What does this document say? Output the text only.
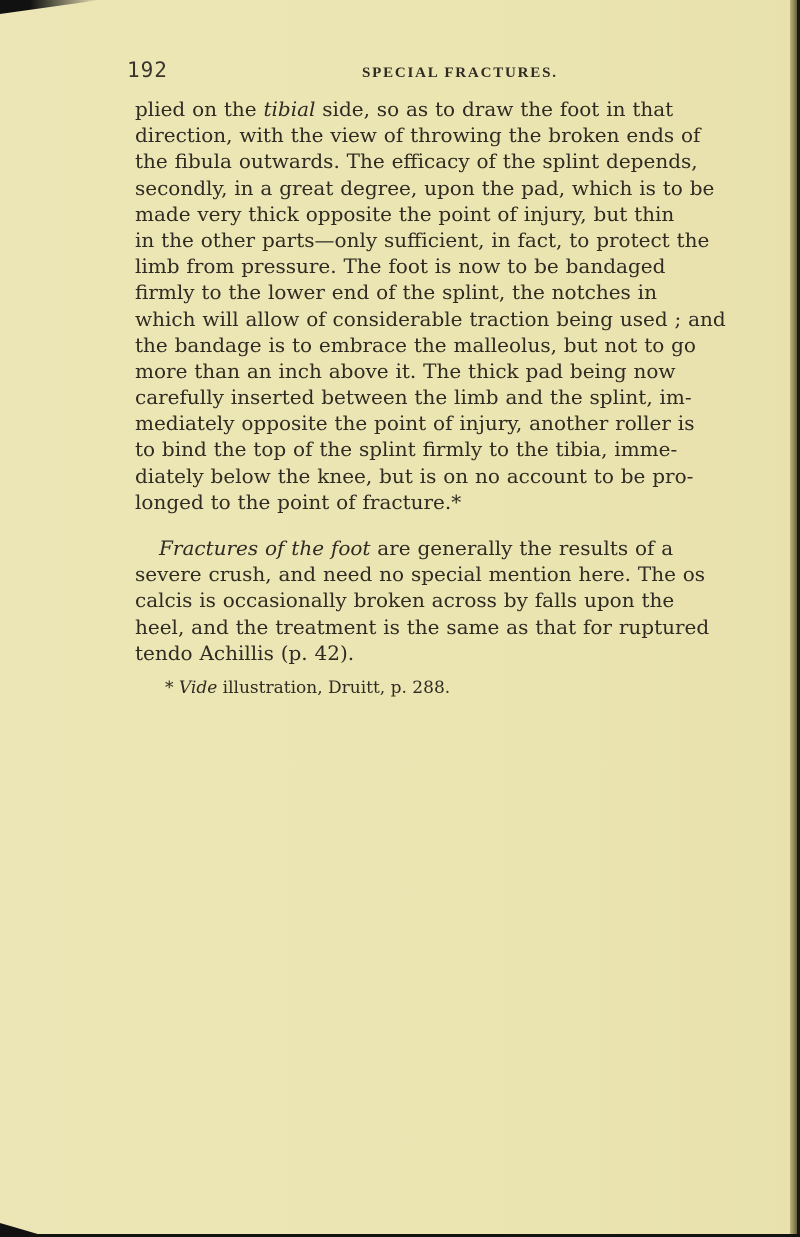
192	SPECIAL FRACTURES.
plied on the tibial side, so as to draw the foot in that
direction, with the view of throwing the broken ends of
the fibula outwards. The efficacy of the splint depends,
secondly, in a great degree, upon the pad, which is to be
made very thick opposite the point of injury, but thin
in the other parts—only sufficient, in fact, to protect the
limb from pressure. The foot is now to be bandaged
firmly to the lower end of the splint, the notches in
which will allow of considerable traction being used ; and
the bandage is to embrace the malleolus, but not to go
more than an inch above it. The thick pad being now
carefully inserted between the limb and the splint, im-
mediately opposite the point of injury, another roller is
to bind the top of the splint firmly to the tibia, imme-
diately below the knee, but is on no account to be pro-
longed to the point of fracture.*
Fractures of the foot are generally the results of a
severe crush, and need no special mention here. The os
calcis is occasionally broken across by falls upon the
heel, and the treatment is the same as that for ruptured
tendo Achillis (p. 42).
* Vide illustration, Druitt, p. 288.
